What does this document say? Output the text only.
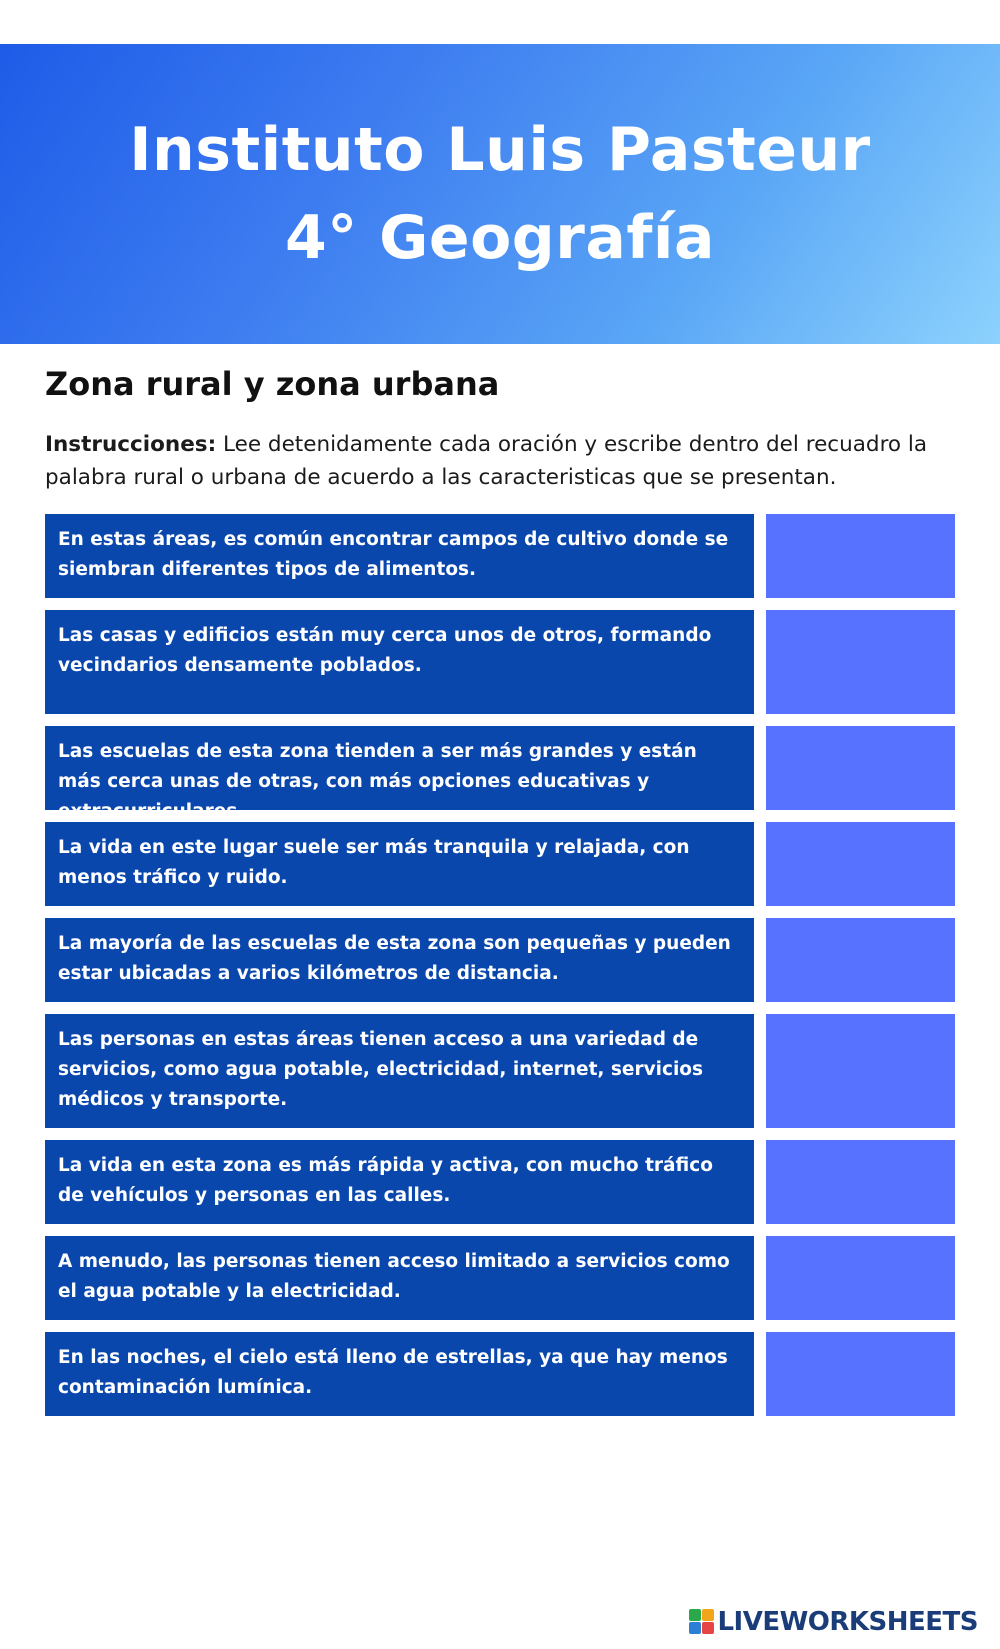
Instituto Luis Pasteur
4° Geografía
Zona rural y zona urbana
Instrucciones: Lee detenidamente cada oración y escribe dentro del recuadro la palabra rural o urbana de acuerdo a las caracteristicas que se presentan.
En estas áreas, es común encontrar campos de cultivo donde se siembran diferentes tipos de alimentos.
Las casas y edificios están muy cerca unos de otros, formando vecindarios densamente poblados.
Las escuelas de esta zona tienden a ser más grandes y están más cerca unas de otras, con más opciones educativas y extracurriculares.
La vida en este lugar suele ser más tranquila y relajada, con menos tráfico y ruido.
La mayoría de las escuelas de esta zona son pequeñas y pueden estar ubicadas a varios kilómetros de distancia.
Las personas en estas áreas tienen acceso a una variedad de servicios, como agua potable, electricidad, internet, servicios médicos y transporte.
La vida en esta zona es más rápida y activa, con mucho tráfico de vehículos y personas en las calles.
A menudo, las personas tienen acceso limitado a servicios como el agua potable y la electricidad.
En las noches, el cielo está lleno de estrellas, ya que hay menos contaminación lumínica.
LIVEWORKSHEETS
